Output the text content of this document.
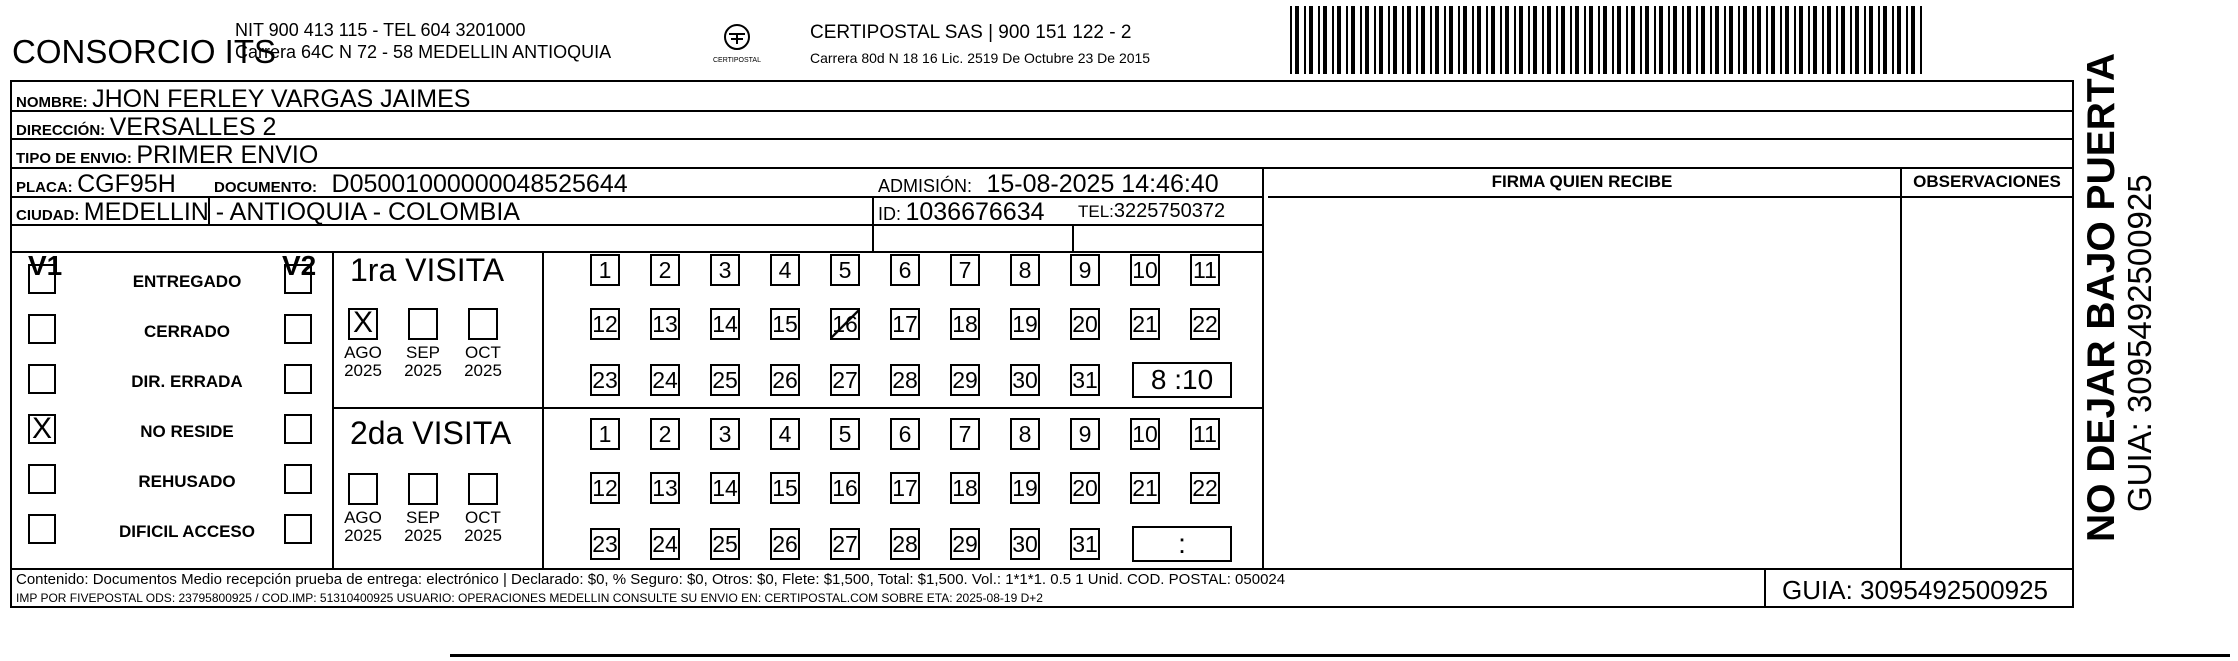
CONSORCIO ITS
NIT 900 413 115 - TEL 604 3201000
Carrera 64C N 72 - 58 MEDELLIN ANTIOQUIA	CERTIPOSTAL
CERTIPOSTAL SAS | 900 151 122 - 2
Carrera 80d N 18 16 Lic. 2519 De Octubre 23 De 2015
NOMBRE: JHON FERLEY VARGAS JAIMES
DIRECCIÓN: VERSALLES 2
TIPO DE ENVIO: PRIMER ENVIO
PLACA: CGF95H	DOCUMENTO: D05001000000048525644	ADMISIÓN: 15-08-2025 14:46:40
CIUDAD: MEDELLIN - ANTIOQUIA - COLOMBIA	ID: 1036676634 TEL:3225750372
FIRMA QUIEN RECIBE	OBSERVACIONES
V1	V2
ENTREGADO
CERRADO
DIR. ERRADA
X	NO RESIDE
REHUSADO
DIFICIL ACCESO
1ra VISITA
X
AGO
2025
SEP
2025
OCT
2025
1	2	3	4	5	6	7	8	9	10 11
12 13 14 15 16 17 18 19 20 21 22
23 24 25 26 27 28 29 30 31	8 :10
2da VISITA
AGO
2025
SEP
2025
OCT
2025
1	2	3	4	5	6	7	8	9	10 11
12 13 14 15 16 17 18 19 20 21 22
23 24 25 26 27 28 29 30 31	:
Contenido: Documentos Medio recepción prueba de entrega: electrónico | Declarado: $0, % Seguro: $0, Otros: $0, Flete: $1,500, Total: $1,500. Vol.: 1*1*1. 0.5 1 Unid. COD. POSTAL: 050024
IMP POR FIVEPOSTAL ODS: 23795800925 / COD.IMP: 51310400925 USUARIO: OPERACIONES MEDELLIN CONSULTE SU ENVIO EN: CERTIPOSTAL.COM SOBRE ETA: 2025-08-19 D+2	GUIA: 3095492500925
NO DEJAR BAJO PUERTA
GUIA: 3095492500925
